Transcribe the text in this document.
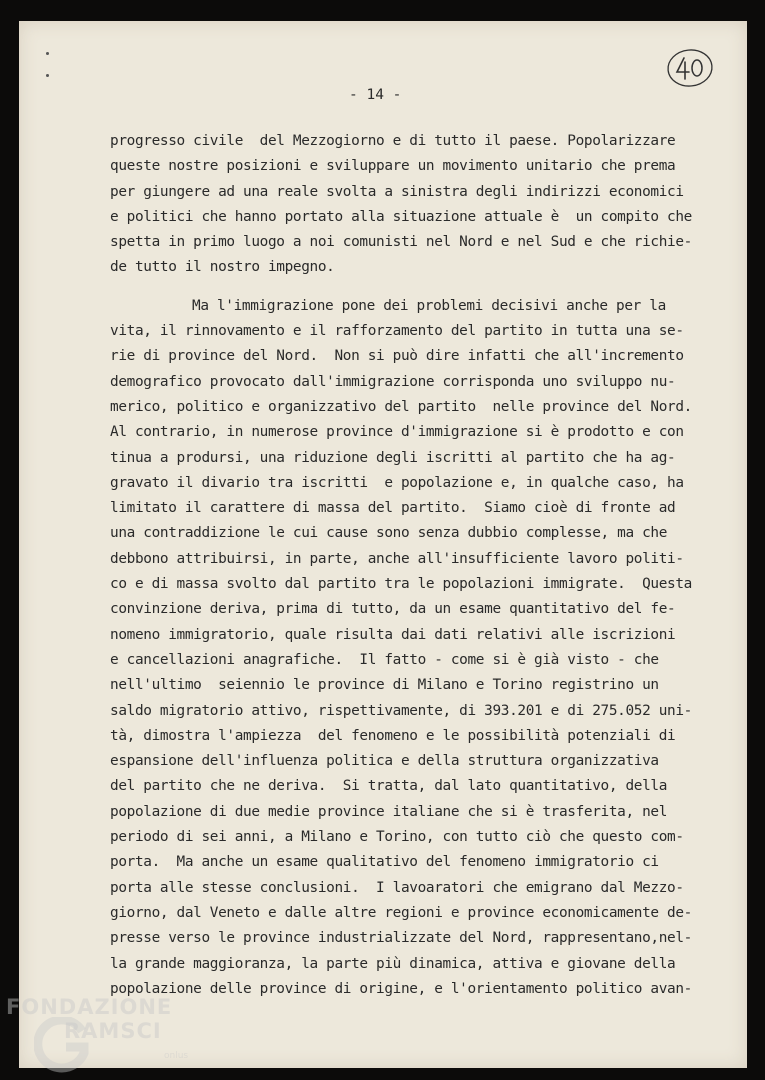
- 14 -
progresso civile  del Mezzogiorno e di tutto il paese. Popolarizzare
queste nostre posizioni e sviluppare un movimento unitario che prema
per giungere ad una reale svolta a sinistra degli indirizzi economici
e politici che hanno portato alla situazione attuale è  un compito che
spetta in primo luogo a noi comunisti nel Nord e nel Sud e che richie-
de tutto il nostro impegno.
Ma l'immigrazione pone dei problemi decisivi anche per la
vita, il rinnovamento e il rafforzamento del partito in tutta una se-
rie di province del Nord.  Non si può dire infatti che all'incremento
demografico provocato dall'immigrazione corrisponda uno sviluppo nu-
merico, politico e organizzativo del partito  nelle province del Nord.
Al contrario, in numerose province d'immigrazione si è prodotto e con
tinua a prodursi, una riduzione degli iscritti al partito che ha ag-
gravato il divario tra iscritti  e popolazione e, in qualche caso, ha
limitato il carattere di massa del partito.  Siamo cioè di fronte ad
una contraddizione le cui cause sono senza dubbio complesse, ma che
debbono attribuirsi, in parte, anche all'insufficiente lavoro politi-
co e di massa svolto dal partito tra le popolazioni immigrate.  Questa
convinzione deriva, prima di tutto, da un esame quantitativo del fe-
nomeno immigratorio, quale risulta dai dati relativi alle iscrizioni
e cancellazioni anagrafiche.  Il fatto - come si è già visto - che
nell'ultimo  seiennio le province di Milano e Torino registrino un
saldo migratorio attivo, rispettivamente, di 393.201 e di 275.052 uni-
tà, dimostra l'ampiezza  del fenomeno e le possibilità potenziali di
espansione dell'influenza politica e della struttura organizzativa
del partito che ne deriva.  Si tratta, dal lato quantitativo, della
popolazione di due medie province italiane che si è trasferita, nel
periodo di sei anni, a Milano e Torino, con tutto ciò che questo com-
porta.  Ma anche un esame qualitativo del fenomeno immigratorio ci
porta alle stesse conclusioni.  I lavoaratori che emigrano dal Mezzo-
giorno, dal Veneto e dalle altre regioni e province economicamente de-
presse verso le province industrializzate del Nord, rappresentano,nel-
la grande maggioranza, la parte più dinamica, attiva e giovane della
popolazione delle province di origine, e l'orientamento politico avan-
FONDAZIONE
RAMSCI
onlus
